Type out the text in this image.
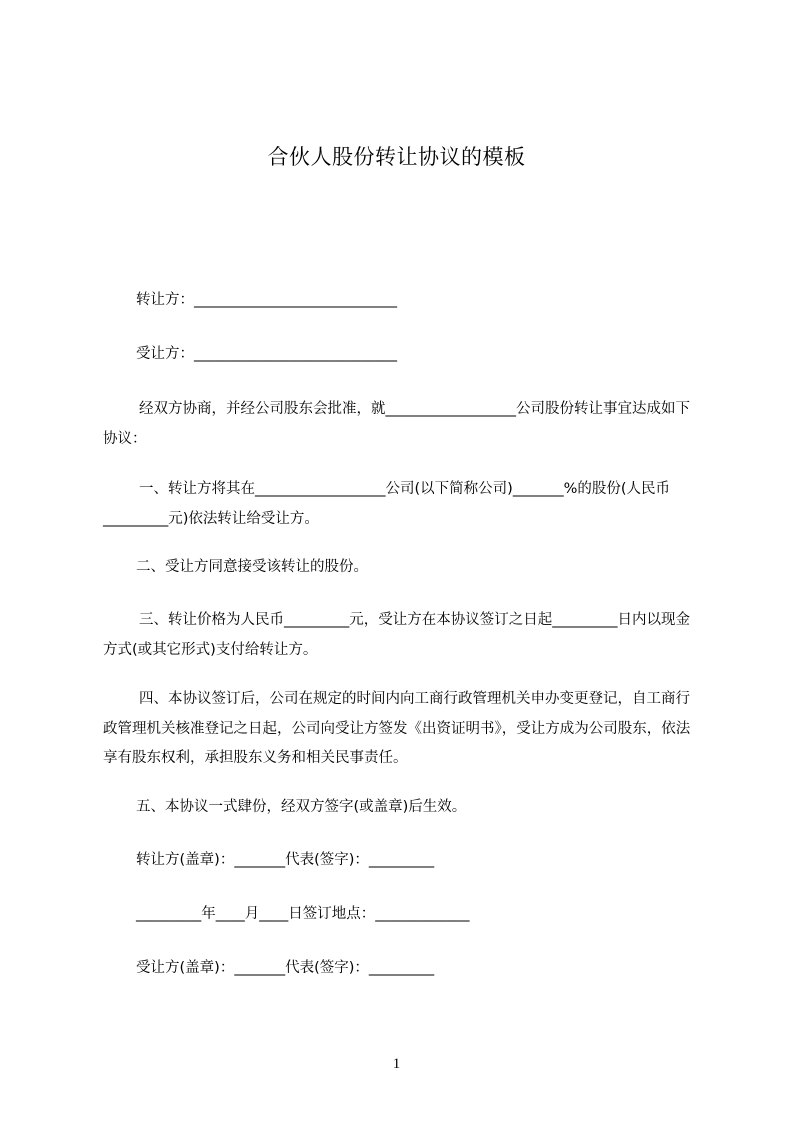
合伙人股份转让协议的模板
转让方：____________________________
受让方：____________________________
经双方协商，并经公司股东会批准，就__________________公司股份转让事宜达成如下协议：
一、转让方将其在__________________公司(以下简称公司)_______%的股份(人民币_________元)依法转让给受让方。
二、受让方同意接受该转让的股份。
三、转让价格为人民币_________元，受让方在本协议签订之日起_________日内以现金方式(或其它形式)支付给转让方。
四、本协议签订后，公司在规定的时间内向工商行政管理机关申办变更登记，自工商行政管理机关核准登记之日起，公司向受让方签发《出资证明书》，受让方成为公司股东，依法享有股东权利，承担股东义务和相关民事责任。
五、本协议一式肆份，经双方签字(或盖章)后生效。
转让方(盖章)：_______代表(签字)：_________
_________年____月____日签订地点：_____________
受让方(盖章)：_______代表(签字)：_________
1
